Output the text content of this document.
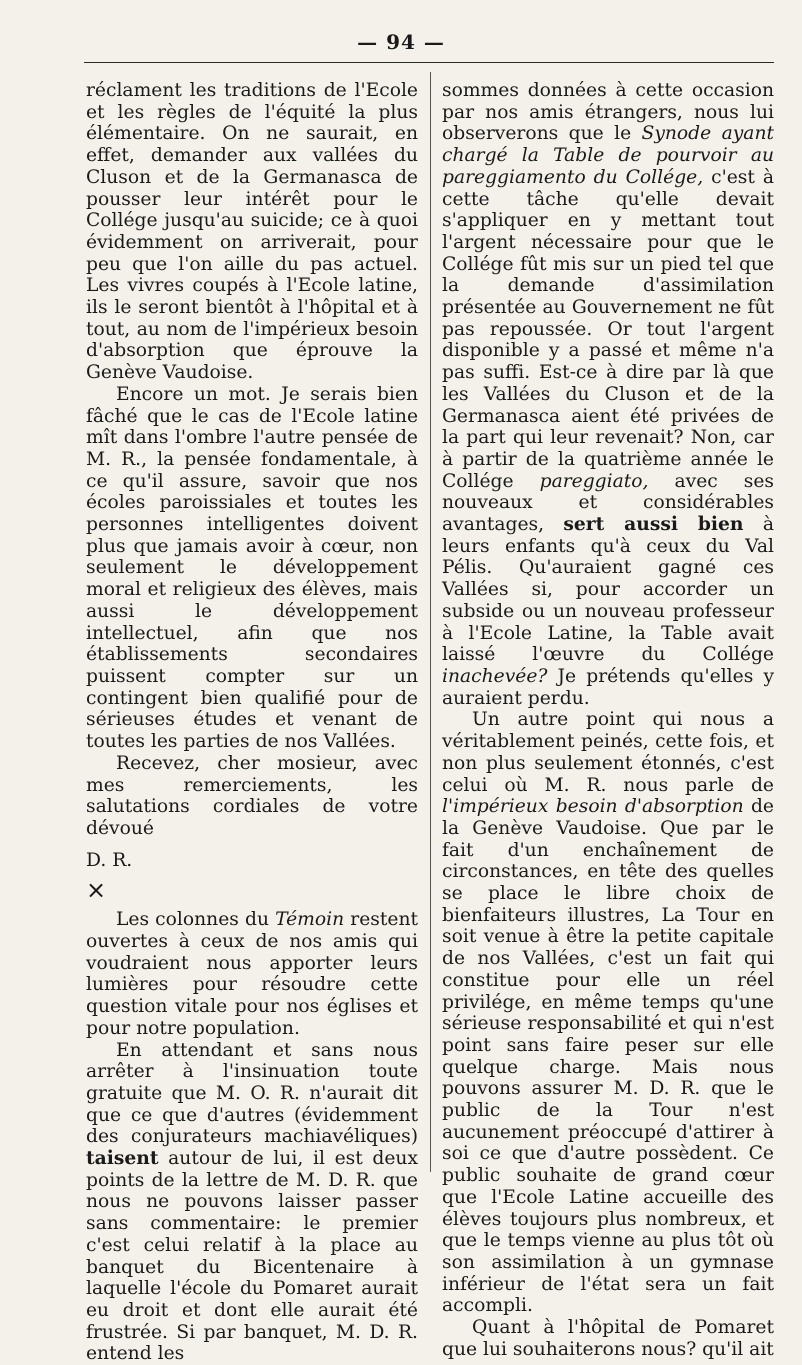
— 94 —

réclament les traditions de l'Ecole et les règles de l'équité la plus élémentaire. On ne saurait, en effet, demander aux vallées du Cluson et de la Germanasca de pousser leur intérêt pour le Collége jusqu'au suicide; ce à quoi évidemment on arriverait, pour peu que l'on aille du pas actuel. Les vivres coupés à l'Ecole latine, ils le seront bientôt à l'hôpital et à tout, au nom de l'impérieux besoin d'absorption que éprouve la Genève Vaudoise.

Encore un mot. Je serais bien fâché que le cas de l'Ecole latine mît dans l'ombre l'autre pensée de M. R., la pensée fondamentale, à ce qu'il assure, savoir que nos écoles paroissiales et toutes les personnes intelligentes doivent plus que jamais avoir à cœur, non seulement le développement moral et religieux des élèves, mais aussi le développement intellectuel, afin que nos établissements secondaires puissent compter sur un contingent bien qualifié pour de sérieuses études et venant de toutes les parties de nos Vallées.

Recevez, cher mosieur, avec mes remerciements, les salutations cordiales de votre dévoué

D. R.

×

Les colonnes du Témoin restent ouvertes à ceux de nos amis qui voudraient nous apporter leurs lumières pour résoudre cette question vitale pour nos églises et pour notre population.

En attendant et sans nous arrêter à l'insinuation toute gratuite que M. O. R. n'aurait dit que ce que d'autres (évidemment des conjurateurs machiavéliques) taisent autour de lui, il est deux points de la lettre de M. D. R. que nous ne pouvons laisser passer sans commentaire: le premier c'est celui relatif à la place au banquet du Bicentenaire à laquelle l'école du Pomaret aurait eu droit et dont elle aurait été frustrée. Si par banquet, M. D. R. entend les

sommes données à cette occasion par nos amis étrangers, nous lui observerons que le Synode ayant chargé la Table de pourvoir au pareggiamento du Collége, c'est à cette tâche qu'elle devait s'appliquer en y mettant tout l'argent nécessaire pour que le Collége fût mis sur un pied tel que la demande d'assimilation présentée au Gouvernement ne fût pas repoussée. Or tout l'argent disponible y a passé et même n'a pas suffi. Est-ce à dire par là que les Vallées du Cluson et de la Germanasca aient été privées de la part qui leur revenait? Non, car à partir de la quatrième année le Collége pareggiato, avec ses nouveaux et considérables avantages, sert aussi bien à leurs enfants qu'à ceux du Val Pélis. Qu'auraient gagné ces Vallées si, pour accorder un subside ou un nouveau professeur à l'Ecole Latine, la Table avait laissé l'œuvre du Collége inachevée? Je prétends qu'elles y auraient perdu.

Un autre point qui nous a véritablement peinés, cette fois, et non plus seulement étonnés, c'est celui où M. R. nous parle de l'impérieux besoin d'absorption de la Genève Vaudoise. Que par le fait d'un enchaînement de circonstances, en tête des quelles se place le libre choix de bienfaiteurs illustres, La Tour en soit venue à être la petite capitale de nos Vallées, c'est un fait qui constitue pour elle un réel privilége, en même temps qu'une sérieuse responsabilité et qui n'est point sans faire peser sur elle quelque charge. Mais nous pouvons assurer M. D. R. que le public de la Tour n'est aucunement préoccupé d'attirer à soi ce que d'autre possèdent. Ce public souhaite de grand cœur que l'Ecole Latine accueille des élèves toujours plus nombreux, et que le temps vienne au plus tôt où son assimilation à un gymnase inférieur de l'état sera un fait accompli.

Quant à l'hôpital de Pomaret que lui souhaiterons nous? qu'il ait
